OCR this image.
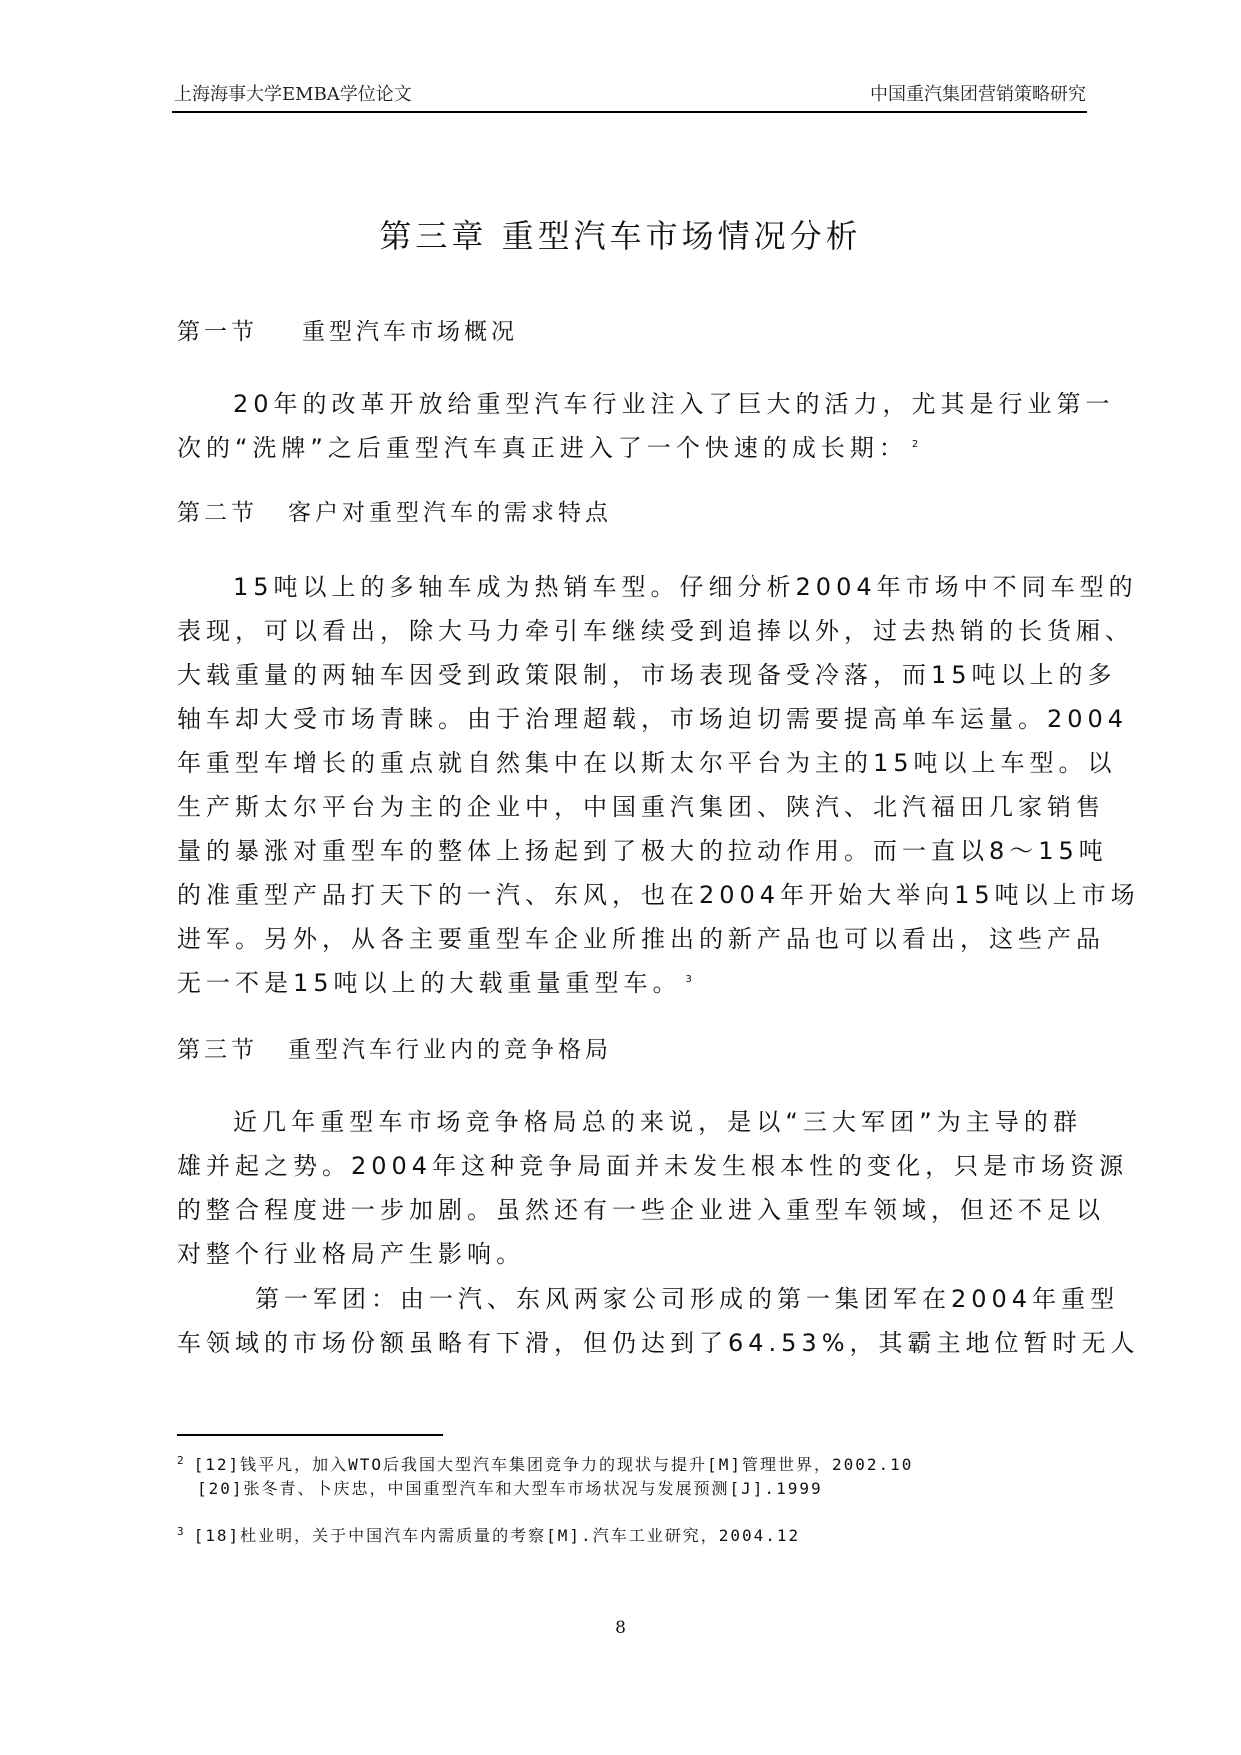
上海海事大学EMBA学位论文	中国重汽集团营销策略研究
第三章 重型汽车市场情况分析
第一节 重型汽车市场概况
20年的改革开放给重型汽车行业注入了巨大的活力，尤其是行业第一
次的“洗牌”之后重型汽车真正进入了一个快速的成长期： $^2$
第二节 客户对重型汽车的需求特点
15吨以上的多轴车成为热销车型。仔细分析2004年市场中不同车型的
表现，可以看出，除大马力牵引车继续受到追捧以外，过去热销的长货厢、
大载重量的两轴车因受到政策限制，市场表现备受冷落，而15吨以上的多
轴车却大受市场青睐。由于治理超载，市场迫切需要提高单车运量。2004
年重型车增长的重点就自然集中在以斯太尔平台为主的15吨以上车型。以
生产斯太尔平台为主的企业中，中国重汽集团、陕汽、北汽福田几家销售
量的暴涨对重型车的整体上扬起到了极大的拉动作用。而一直以8～15吨
的准重型产品打天下的一汽、东风，也在2004年开始大举向15吨以上市场
进军。另外，从各主要重型车企业所推出的新产品也可以看出，这些产品
无一不是15吨以上的大载重量重型车。 $^3$
第三节 重型汽车行业内的竞争格局
近几年重型车市场竞争格局总的来说，是以“三大军团”为主导的群
雄并起之势。2004年这种竞争局面并未发生根本性的变化，只是市场资源
的整合程度进一步加剧。虽然还有一些企业进入重型车领域，但还不足以
对整个行业格局产生影响。
第一军团：由一汽、东风两家公司形成的第一集团军在2004年重型
车领域的市场份额虽略有下滑，但仍达到了64.53%，其霸主地位暂时无人
$^2$ [12]钱平凡，加入WTO后我国大型汽车集团竞争力的现状与提升[M]管理世界，2002.10
[20]张冬青、卜庆忠，中国重型汽车和大型车市场状况与发展预测[J].1999
$^3$ [18]杜业明，关于中国汽车内需质量的考察[M].汽车工业研究，2004.12
8
